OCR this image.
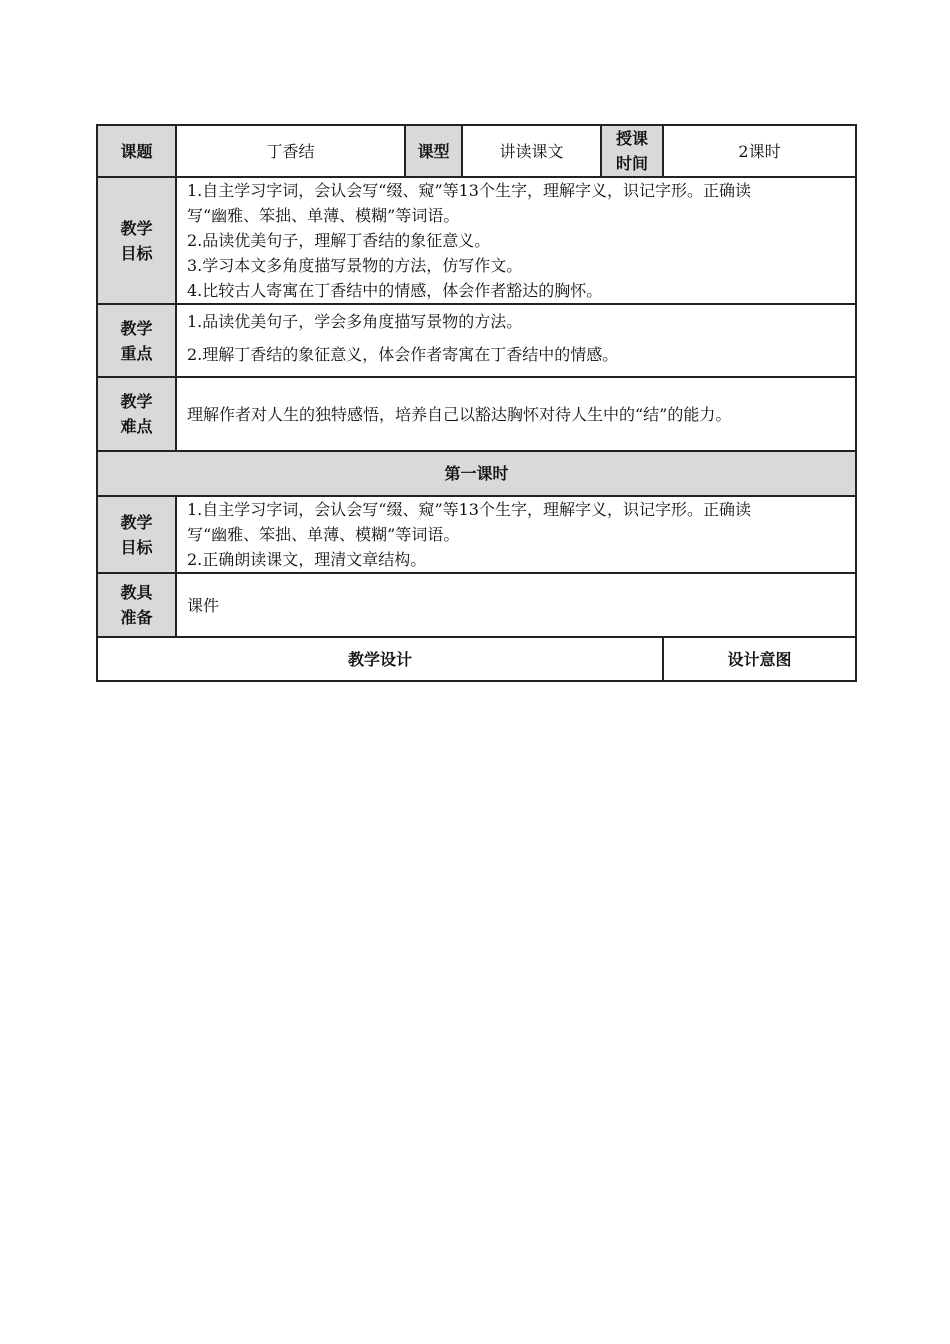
课题	丁香结	课型	讲读课文	授课
时间	2课时

教学
目标	1.自主学习字词，会认会写“缀、窥”等13个生字，理解字义，识记字形。正确读
写“幽雅、笨拙、单薄、模糊”等词语。
2.品读优美句子，理解丁香结的象征意义。
3.学习本文多角度描写景物的方法，仿写作文。
4.比较古人寄寓在丁香结中的情感，体会作者豁达的胸怀。				

教学
重点	1.品读优美句子，学会多角度描写景物的方法。
2.理解丁香结的象征意义，体会作者寄寓在丁香结中的情感。				

教学
难点	理解作者对人生的独特感悟，培养自己以豁达胸怀对待人生中的“结”的能力。				
第一课时					

教学
目标	1.自主学习字词，会认会写“缀、窥”等13个生字，理解字义，识记字形。正确读
写“幽雅、笨拙、单薄、模糊”等词语。
2.正确朗读课文，理清文章结构。				

教具
准备	课件				
教学设计					设计意图
